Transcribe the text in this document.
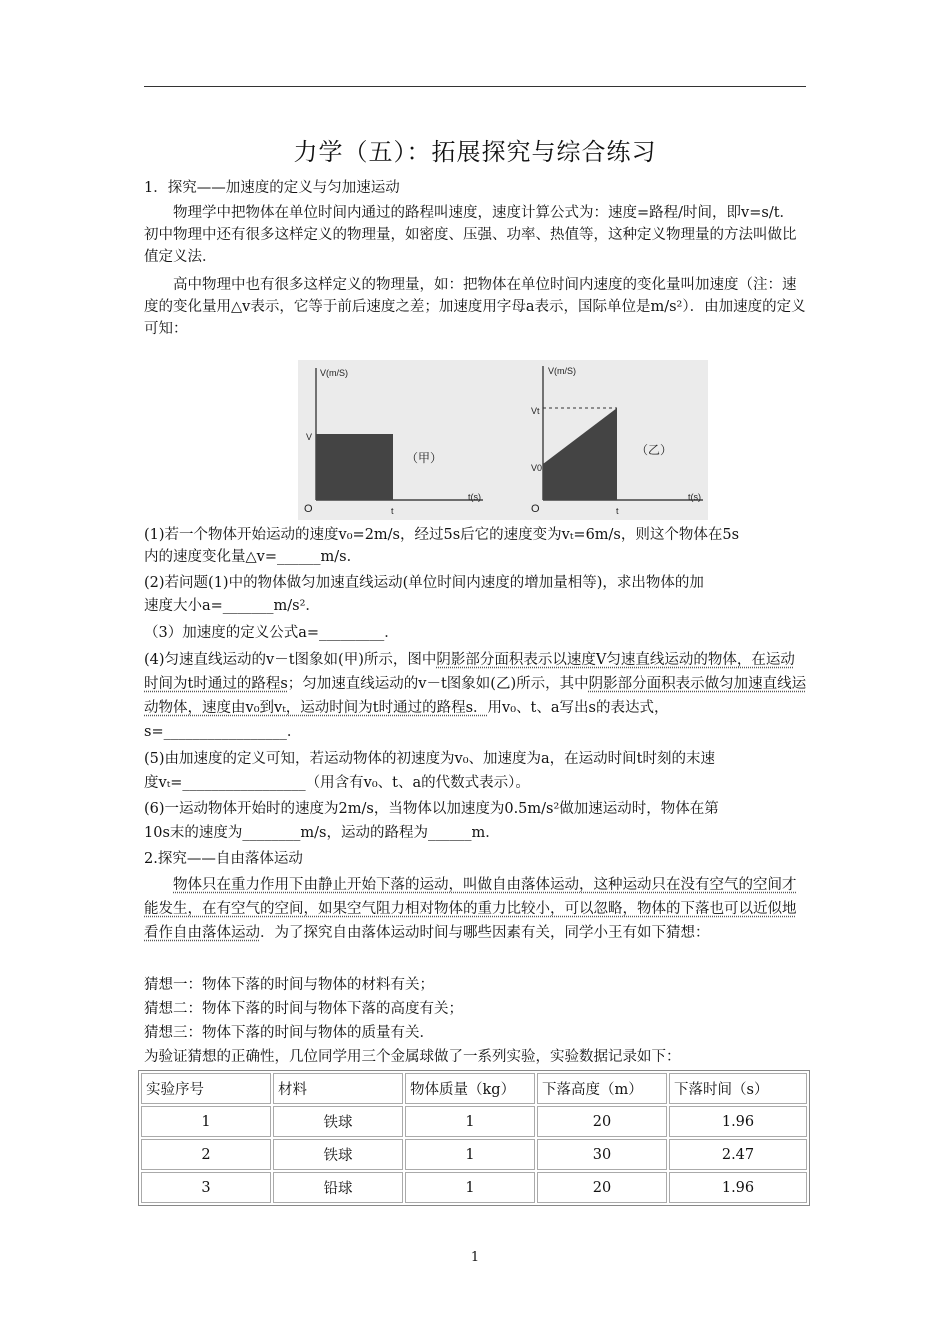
力学（五）：拓展探究与综合练习

1．探究——加速度的定义与匀加速运动

物理学中把物体在单位时间内通过的路程叫速度，速度计算公式为：速度=路程/时间，即v=s/t．初中物理中还有很多这样定义的物理量，如密度、压强、功率、热值等，这种定义物理量的方法叫做比值定义法．

高中物理中也有很多这样定义的物理量，如：把物体在单位时间内速度的变化量叫加速度（注：速度的变化量用△v表示，它等于前后速度之差；加速度用字母a表示，国际单位是m/s²）．由加速度的定义可知：

V(m/S)
V
O	t
t(s)
（甲）
V(m/S)
Vt
V0
O	t
t(s)
（乙）

(1)若一个物体开始运动的速度v₀=2m/s，经过5s后它的速度变为vₜ=6m/s，则这个物体在5s

内的速度变化量△v=______m/s．

(2)若问题(1)中的物体做匀加速直线运动(单位时间内速度的增加量相等)，求出物体的加

速度大小a=_______m/s²．

（3）加速度的定义公式a=_________．

(4)匀速直线运动的v－t图象如(甲)所示，图中阴影部分面积表示以速度V匀速直线运动的物体，在运动时间为t时通过的路程s；匀加速直线运动的v－t图象如(乙)所示，其中阴影部分面积表示做匀加速直线运动物体，速度由v₀到vₜ，运动时间为t时通过的路程s．用v₀、t、a写出s的表达式，s=_________________．

(5)由加速度的定义可知，若运动物体的初速度为v₀、加速度为a，在运动时间t时刻的末速

度vₜ=_________________（用含有v₀、t、a的代数式表示）。

(6)一运动物体开始时的速度为2m/s，当物体以加速度为0.5m/s²做加速运动时，物体在第

10s末的速度为________m/s，运动的路程为______m．

2.探究——自由落体运动

物体只在重力作用下由静止开始下落的运动，叫做自由落体运动，这种运动只在没有空气的空间才能发生，在有空气的空间，如果空气阻力相对物体的重力比较小，可以忽略，物体的下落也可以近似地看作自由落体运动．为了探究自由落体运动时间与哪些因素有关，同学小王有如下猜想：

猜想一：物体下落的时间与物体的材料有关；

猜想二：物体下落的时间与物体下落的高度有关；

猜想三：物体下落的时间与物体的质量有关．

为验证猜想的正确性，几位同学用三个金属球做了一系列实验，实验数据记录如下：

实验序号	材料	物体质量（kg）	下落高度（m）	下落时间（s）
1	铁球	1	20	1.96
2	铁球	1	30	2.47
3	铅球	1	20	1.96
1
